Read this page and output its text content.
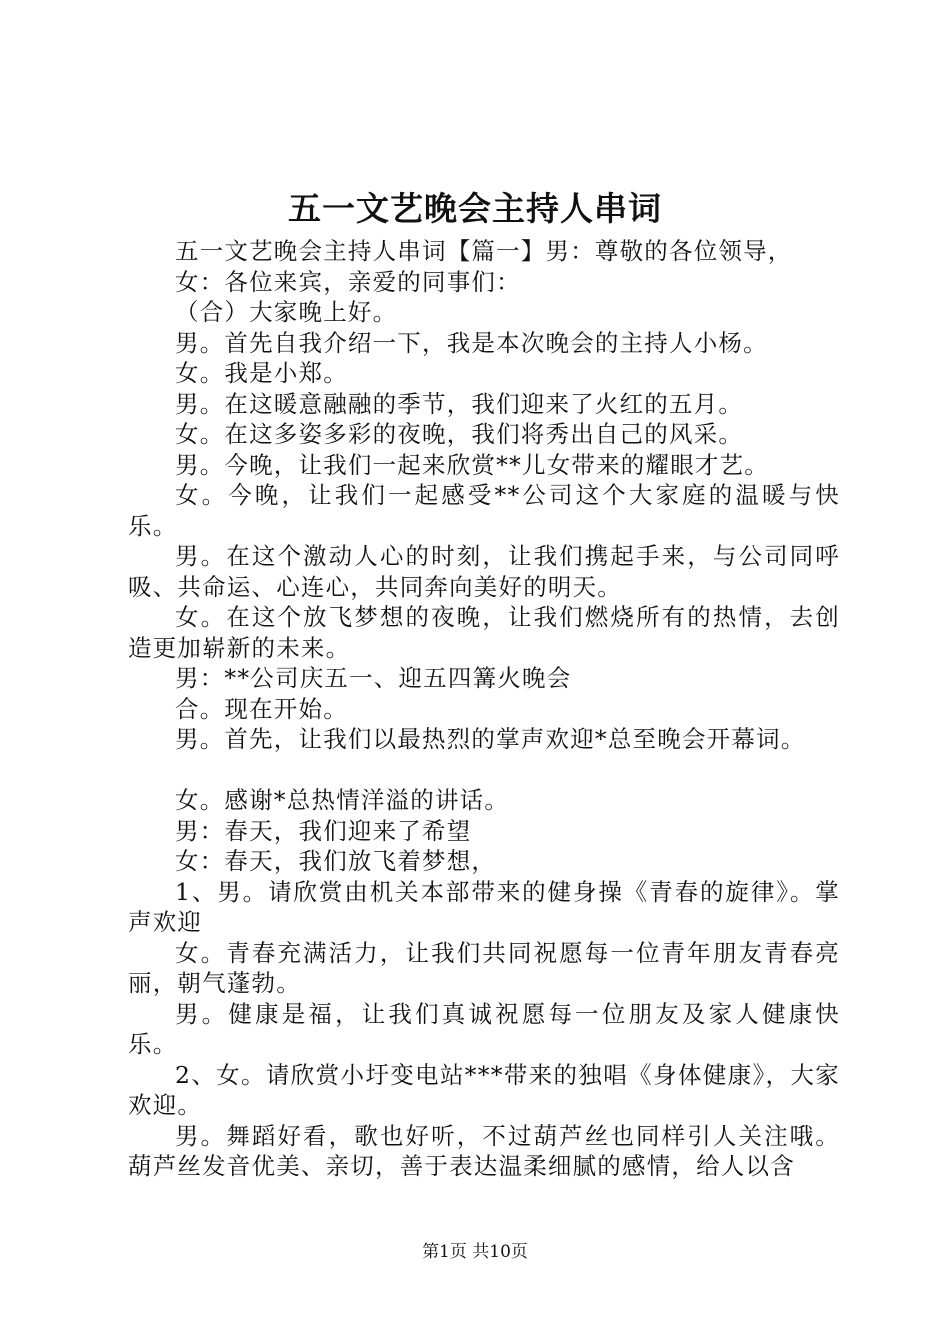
五一文艺晚会主持人串词

五一文艺晚会主持人串词【篇一】男：尊敬的各位领导，

女：各位来宾，亲爱的同事们：

（合）大家晚上好。

男。首先自我介绍一下，我是本次晚会的主持人小杨。

女。我是小郑。

男。在这暖意融融的季节，我们迎来了火红的五月。

女。在这多姿多彩的夜晚，我们将秀出自己的风采。

男。今晚，让我们一起来欣赏**儿女带来的耀眼才艺。

女。今晚，让我们一起感受**公司这个大家庭的温暖与快乐。

男。在这个激动人心的时刻，让我们携起手来，与公司同呼吸、共命运、心连心，共同奔向美好的明天。

女。在这个放飞梦想的夜晚，让我们燃烧所有的热情，去创造更加崭新的未来。

男：**公司庆五一、迎五四篝火晚会

合。现在开始。

男。首先，让我们以最热烈的掌声欢迎*总至晚会开幕词。

女。感谢*总热情洋溢的讲话。

男：春天，我们迎来了希望

女：春天，我们放飞着梦想，

1、男。请欣赏由机关本部带来的健身操《青春的旋律》。掌声欢迎

女。青春充满活力，让我们共同祝愿每一位青年朋友青春亮丽，朝气蓬勃。

男。健康是福，让我们真诚祝愿每一位朋友及家人健康快乐。

2、女。请欣赏小圩变电站***带来的独唱《身体健康》，大家欢迎。

男。舞蹈好看，歌也好听，不过葫芦丝也同样引人关注哦。葫芦丝发音优美、亲切，善于表达温柔细腻的感情，给人以含

第1页 共10页
